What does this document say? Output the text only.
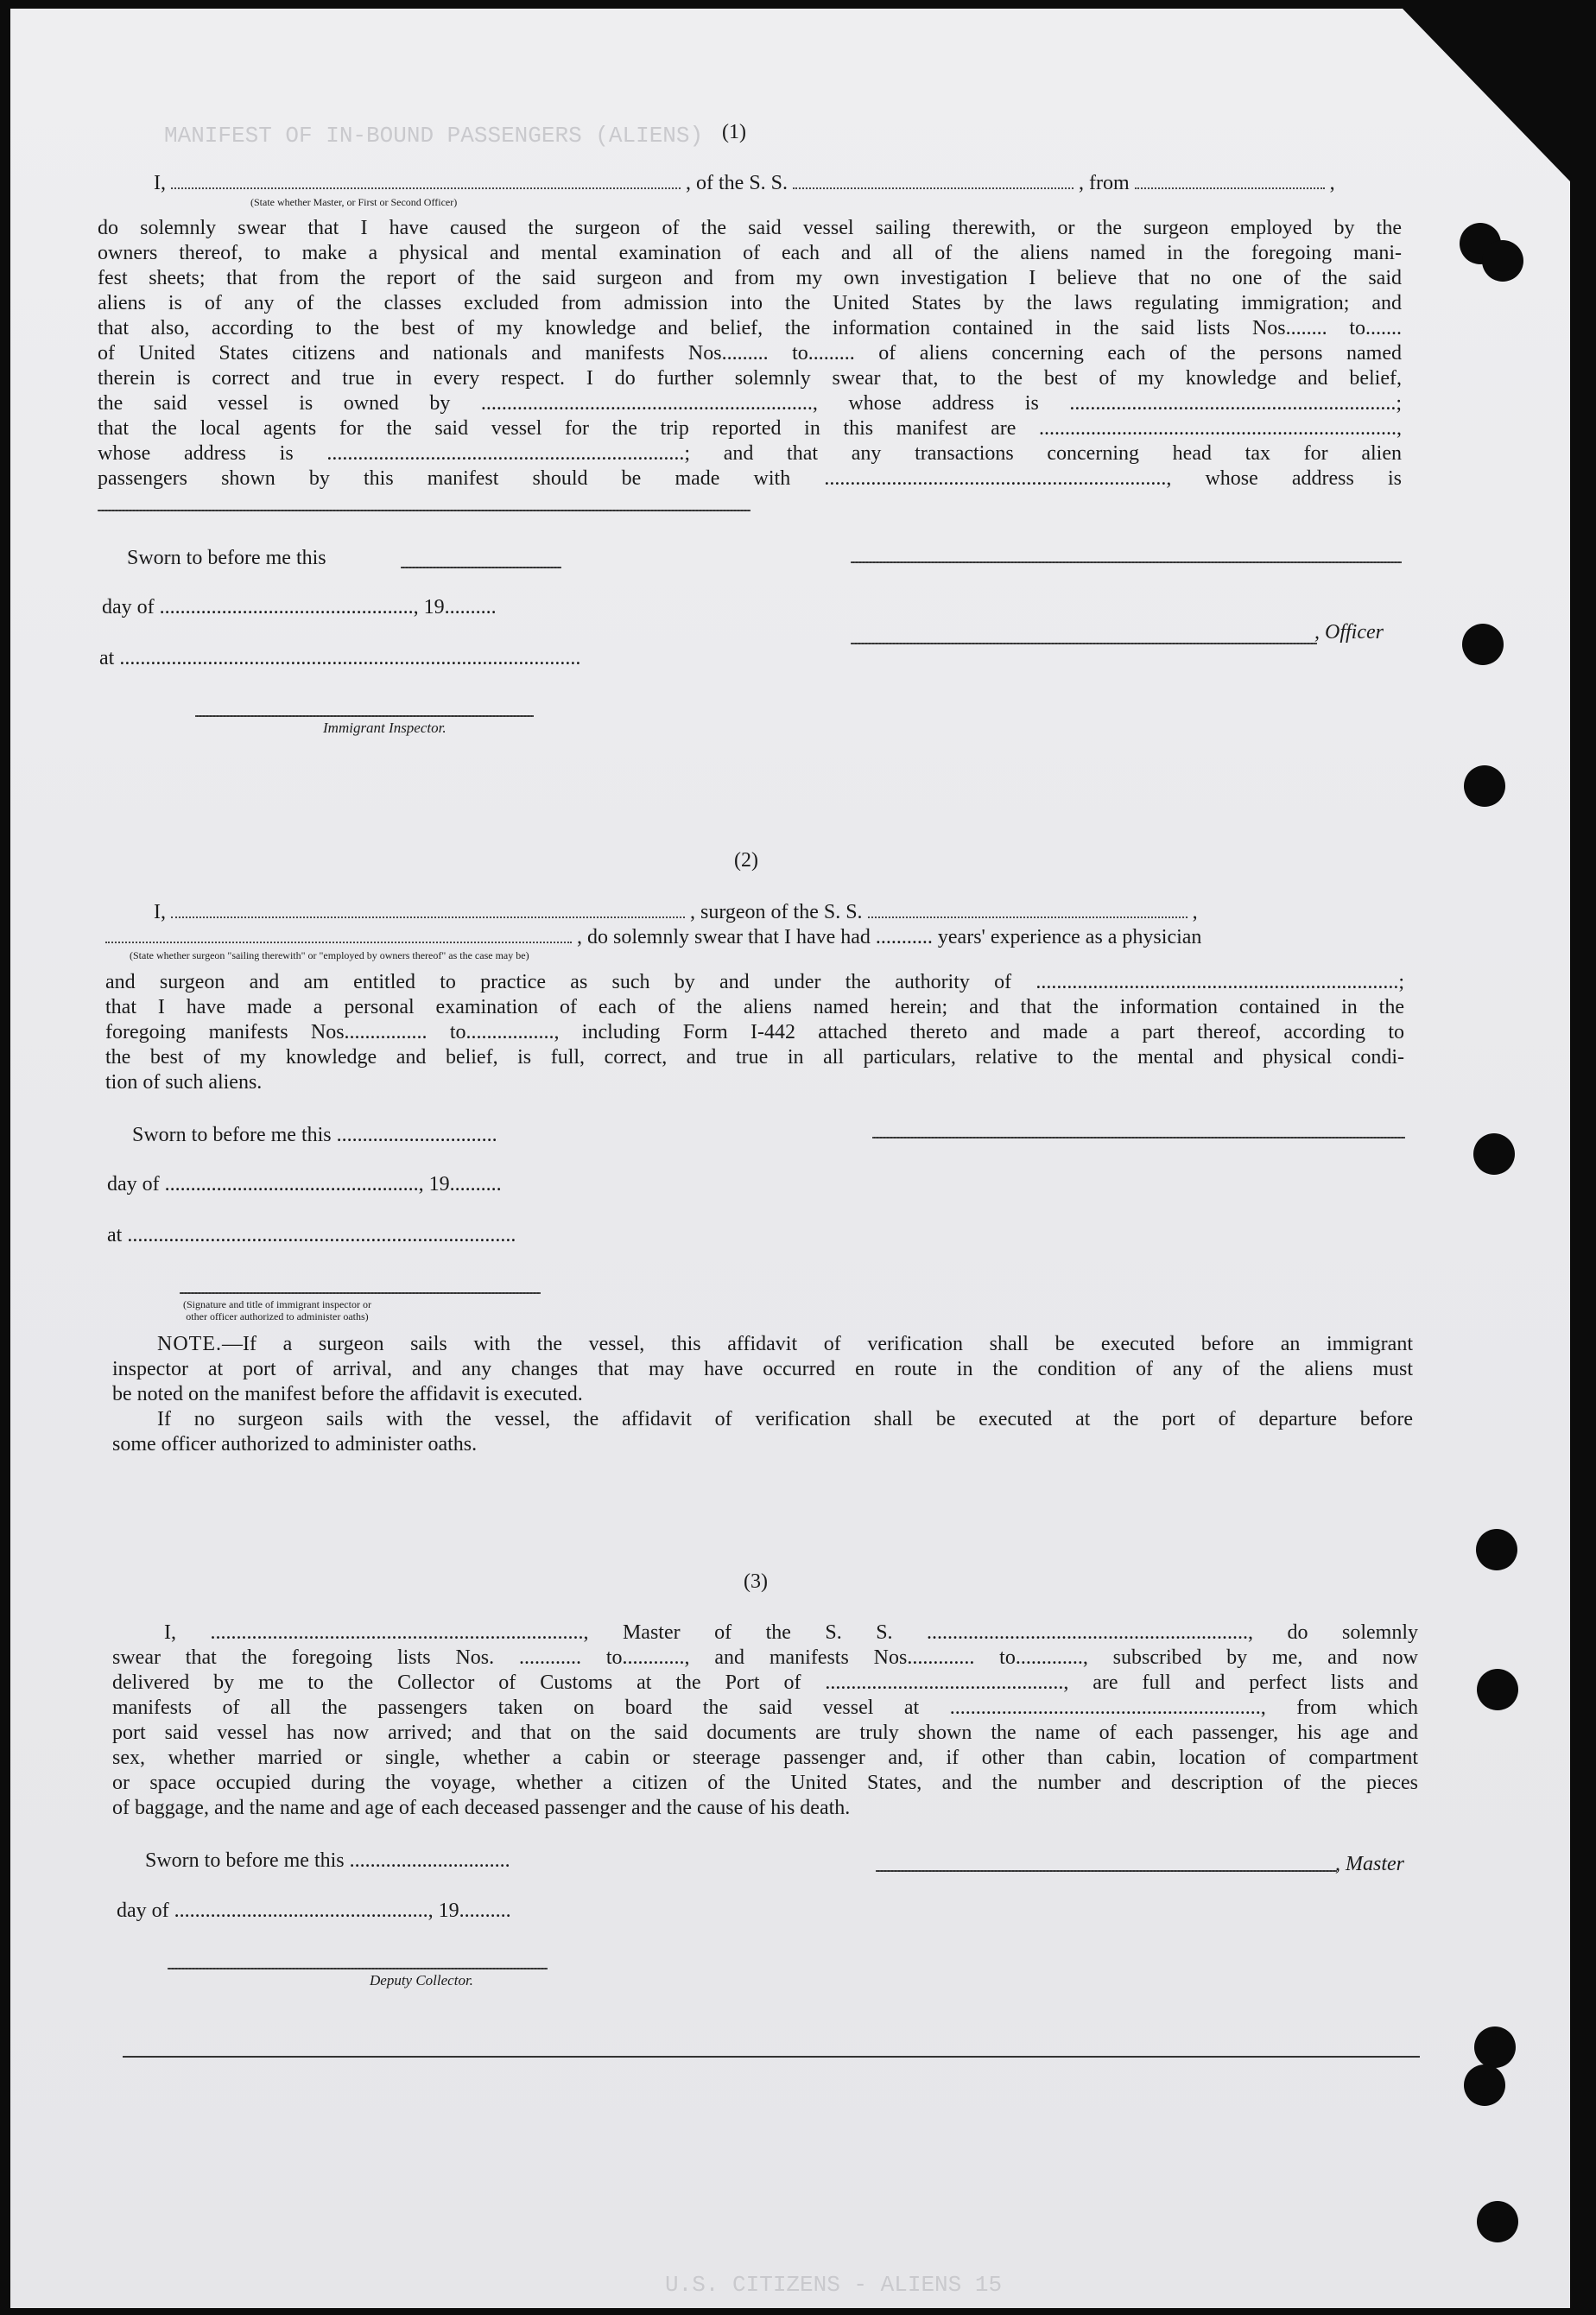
MANIFEST OF IN-BOUND PASSENGERS (ALIENS)
U.S. CITIZENS - ALIENS 15
(1)
I,	, of the S. S.	, from	,
(State whether Master, or First or Second Officer)
do solemnly swear that I have caused the surgeon of the said vessel sailing therewith, or the surgeon employed by the
owners thereof, to make a physical and mental examination of each and all of the aliens named in the foregoing mani-
fest sheets; that from the report of the said surgeon and from my own investigation I believe that no one of the said
aliens is of any of the classes excluded from admission into the United States by the laws regulating immigration; and
that also, according to the best of my knowledge and belief, the information contained in the said lists Nos........ to.......
of United States citizens and nationals and manifests Nos......... to......... of aliens concerning each of the persons named
therein is correct and true in every respect. I do further solemnly swear that, to the best of my knowledge and belief,
the said vessel is owned by ................................................................, whose address is ...............................................................;
that the local agents for the said vessel for the trip reported in this manifest are .....................................................................,
whose address is .....................................................................; and that any transactions concerning head tax for alien
passengers shown by this manifest should be made with .................................................................., whose address is
Sworn to before me this
day of ................................................., 19..........
, Officer
at .........................................................................................
Immigrant Inspector.
(2)
I,	, surgeon of the S. S.	,
, do solemnly swear that I have had ........... years' experience as a physician
(State whether surgeon "sailing therewith" or "employed by owners thereof" as the case may be)
and surgeon and am entitled to practice as such by and under the authority of ......................................................................;
that I have made a personal examination of each of the aliens named herein; and that the information contained in the
foregoing manifests Nos................ to................., including Form I-442 attached thereto and made a part thereof, according to
the best of my knowledge and belief, is full, correct, and true in all particulars, relative to the mental and physical condi-
tion of such aliens.
Sworn to before me this ...............................
day of ................................................., 19..........
at ...........................................................................
(Signature and title of immigrant inspector or
other officer authorized to administer oaths)
NOTE.—If a surgeon sails with the vessel, this affidavit of verification shall be executed before an immigrant
inspector at port of arrival, and any changes that may have occurred en route in the condition of any of the aliens must
be noted on the manifest before the affidavit is executed.
If no surgeon sails with the vessel, the affidavit of verification shall be executed at the port of departure before
some officer authorized to administer oaths.
(3)
I, ........................................................................, Master of the S. S. .............................................................., do solemnly
swear that the foregoing lists Nos. ............ to............, and manifests Nos............. to............., subscribed by me, and now
delivered by me to the Collector of Customs at the Port of .............................................., are full and perfect lists and
manifests of all the passengers taken on board the said vessel at ............................................................, from which
port said vessel has now arrived; and that on the said documents are truly shown the name of each passenger, his age and
sex, whether married or single, whether a cabin or steerage passenger and, if other than cabin, location of compartment
or space occupied during the voyage, whether a citizen of the United States, and the number and description of the pieces
of baggage, and the name and age of each deceased passenger and the cause of his death.
Sworn to before me this ...............................	, Master
day of ................................................., 19..........
Deputy Collector.
